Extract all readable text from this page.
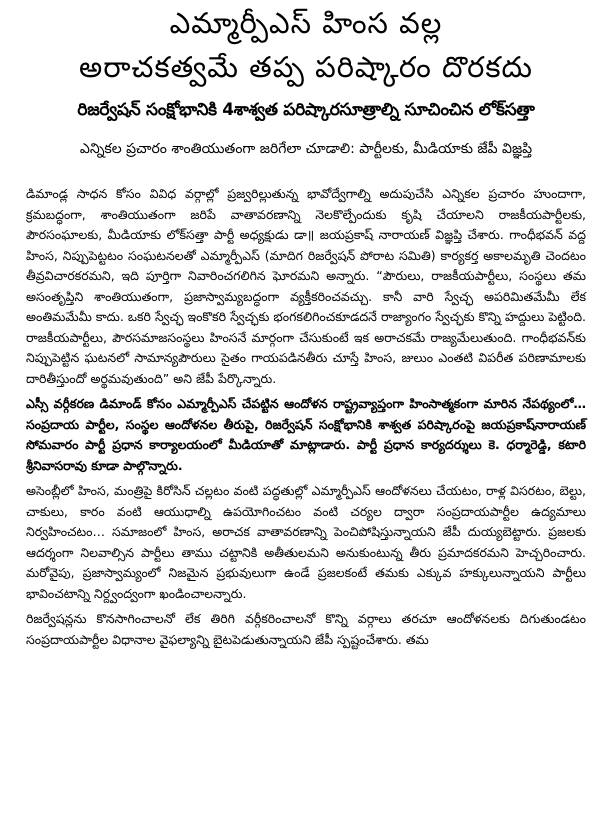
ఎమ్మార్పీఎస్ హింస వల్ల
అరాచకత్వమే తప్ప పరిష్కారం దొరకదు
రిజర్వేషన్ సంక్షోభానికి 4శాశ్వత పరిష్కారసూత్రాల్ని సూచించిన లోక్‌సత్తా
ఎన్నికల ప్రచారం శాంతియుతంగా జరిగేలా చూడాలి: పార్టీలకు, మీడియాకు జేపీ విజ్ఞప్తి

డిమాండ్ల సాధన కోసం వివిధ వర్గాల్లో ప్రజ్వరిల్లుతున్న భావోద్వేగాల్ని అదుపుచేసి ఎన్నికల ప్రచారం హుందాగా, క్రమబద్ధంగా, శాంతియుతంగా జరిపే వాతావరణాన్ని నెలకొల్పేందుకు కృషి చేయాలని రాజకీయపార్టీలకు, పౌరసంఘాలకు, మీడియాకు లోక్‌సత్తా పార్టీ అధ్యక్షుడు డా॥ జయప్రకాష్ నారాయణ్ విజ్ఞప్తి చేశారు. గాంధీభవన్ వద్ద హింస, నిప్పుపెట్టటం సంఘటనలతో ఎమ్మార్పీఎస్ (మాదిగ రిజర్వేషన్ పోరాట సమితి) కార్యకర్త అకాలమృతి చెందటం తీవ్రవిచారకరమని, ఇది పూర్తిగా నివారించగలిగిన ఘోరమని అన్నారు. “పౌరులు, రాజకీయపార్టీలు, సంస్థలు తమ అసంతృప్తిని శాంతియుతంగా, ప్రజాస్వామ్యబద్ధంగా వ్యక్తీకరించవచ్చు. కానీ వారి స్వేచ్ఛ అపరిమితమేమీ లేక అంతిమమేమీ కాదు. ఒకరి స్వేచ్ఛ ఇంకొకరి స్వేచ్ఛకు భంగకలిగించకూడదనే రాజ్యాంగం స్వేచ్ఛకు కొన్ని హద్దులు పెట్టింది. రాజకీయపార్టీలు, పౌరసమాజసంస్థలు హింసనే మార్గంగా చేసుకుంటే ఇక అరాచకమే రాజ్యమేలుతుంది. గాంధీభవన్‌కు నిప్పుపెట్టిన ఘటనలో సామాన్యపౌరులు సైతం గాయపడినతీరు చూస్తే హింస, జులుం ఎంతటి విపరీత పరిణామాలకు దారితీస్తుందో అర్థమవుతుంది” అని జేపీ పేర్కొన్నారు.

ఎస్సీ వర్గీకరణ డిమాండ్ కోసం ఎమ్మార్పీఎస్ చేపట్టిన ఆందోళన రాష్ట్రవ్యాప్తంగా హింసాత్మకంగా మారిన నేపథ్యంలో… సంప్రదాయ పార్టీల, సంస్థల ఆందోళనల తీరుపై, రిజర్వేషన్ సంక్షోభానికి శాశ్వత పరిష్కారంపై జయప్రకాష్‌నారాయణ్ సోమవారం పార్టీ ప్రధాన కార్యాలయంలో మీడియాతో మాట్లాడారు. పార్టీ ప్రధాన కార్యదర్శులు కె. ధర్మారెడ్డి, కటారి శ్రీనివాసరావు కూడా పాల్గొన్నారు.

అసెంబ్లీలో హింస, మంత్రిపై కిరోసిన్ చల్లటం వంటి పద్ధతుల్లో ఎమ్మార్పీఎస్ ఆందోళనలు చేయటం, రాళ్ల విసరటం, బెల్టు, చాకులు, కారం వంటి ఆయుధాల్ని ఉపయోగించటం వంటి చర్యల ద్వారా సంప్రదాయపార్టీల ఉద్యమాలు నిర్వహించటం… సమాజంలో హింస, అరాచక వాతావరణాన్ని పెంచిపోషిస్తున్నాయని జేపీ దుయ్యబెట్టారు. ప్రజలకు ఆదర్శంగా నిలవాల్సిన పార్టీలు తాము చట్టానికి అతీతులమని అనుకుంటున్న తీరు ప్రమాదకరమని హెచ్చరించారు. మరోవైపు, ప్రజాస్వామ్యంలో నిజమైన ప్రభువులుగా ఉండే ప్రజలకంటే తమకు ఎక్కువ హక్కులున్నాయని పార్టీలు భావించటాన్ని నిర్ద్వంద్వంగా ఖండించాలన్నారు.

రిజర్వేషన్లను కొనసాగించాలనో లేక తిరిగి వర్గీకరించాలనో కొన్ని వర్గాలు తరచూ ఆందోళనలకు దిగుతుండటం సంప్రదాయపార్టీల విధానాల వైఫల్యాన్ని బైటపెడుతున్నాయని జేపీ స్పష్టంచేశారు. తమ
